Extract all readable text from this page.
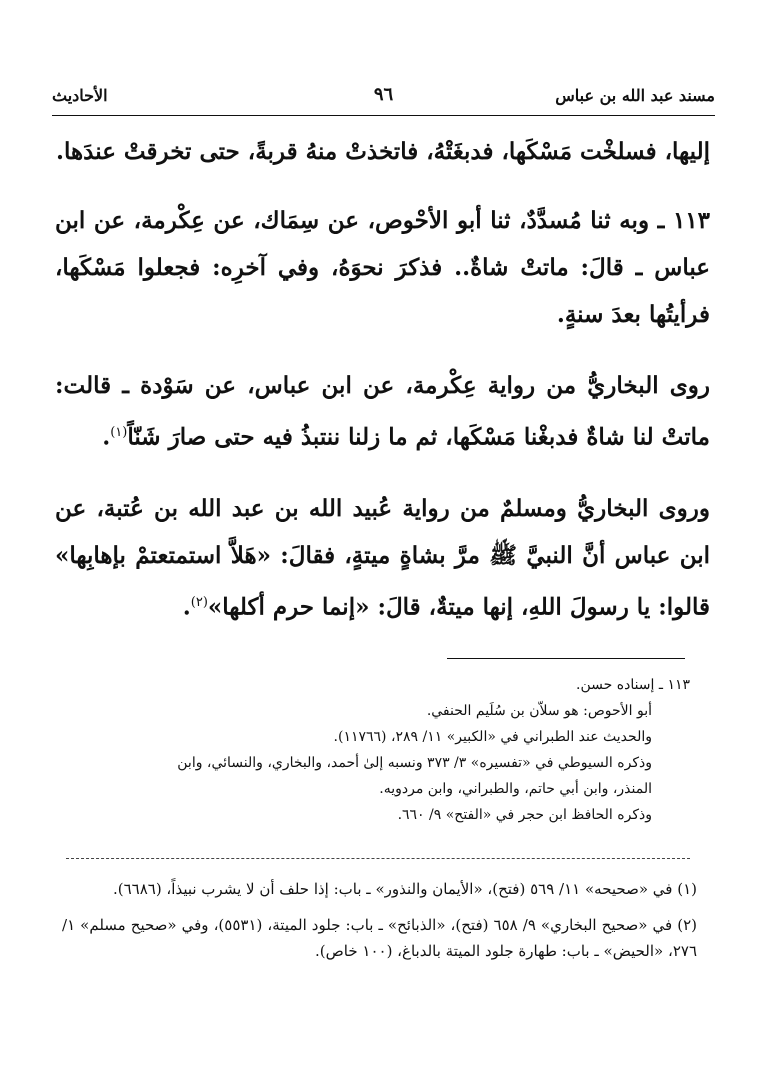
الأحاديث	٩٦	مسند عبد الله بن عباس

إليها، فسلخْت مَسْكَها، فدبغَتْهُ، فاتخذتْ منهُ قربةً، حتى تخرقتْ عندَها.

١١٣ ـ وبه ثنا مُسدَّدٌ، ثنا أبو الأحْوص، عن سِمَاك، عن عِكْرمة، عن ابن عباس ـ قالَ: ماتتْ شاةٌ.. فذكرَ نحوَهُ، وفي آخرِه: فجعلوا مَسْكَها، فرأيتُها بعدَ سنةٍ.

روى البخاريُّ من رواية عِكْرمة، عن ابن عباس، عن سَوْدة ـ قالت: ماتتْ لنا شاةٌ فدبغْنا مَسْكَها، ثم ما زلنا ننتبذُ فيه حتى صارَ شَنّاً$^{(١)}$.

وروى البخاريُّ ومسلمٌ من رواية عُبيد الله بن عبد الله بن عُتبة، عن ابن عباس أنَّ النبيَّ ﷺ مرَّ بشاةٍ ميتةٍ، فقالَ: «هَلاَّ استمتعتمْ بإهابِها» قالوا: يا رسولَ اللهِ، إنها ميتةٌ، قالَ: «إنما حرم أكلها»$^{(٢)}$.

١١٣ ـ إسناده حسن.

أبو الأحوص: هو سلاّن بن سُلَيم الحنفي.

والحديث عند الطبراني في «الكبير» ١١/ ٢٨٩، (١١٧٦٦).

وذكره السيوطي في «تفسيره» ٣/ ٣٧٣ ونسبه إلىٰ أحمد، والبخاري، والنسائي، وابن

المنذر، وابن أبي حاتم، والطبراني، وابن مردويه.

وذكره الحافظ ابن حجر في «الفتح» ٩/ ٦٦٠.

(١) في «صحيحه» ١١/ ٥٦٩ (فتح)، «الأيمان والنذور» ـ باب: إذا حلف أن لا يشرب نبيذاً، (٦٦٨٦).

(٢) في «صحيح البخاري» ٩/ ٦٥٨ (فتح)، «الذبائح» ـ باب: جلود الميتة، (٥٥٣١)، وفي «صحيح مسلم» ١/ ٢٧٦، «الحيض» ـ باب: طهارة جلود الميتة بالدباغ، (١٠٠ خاص).
